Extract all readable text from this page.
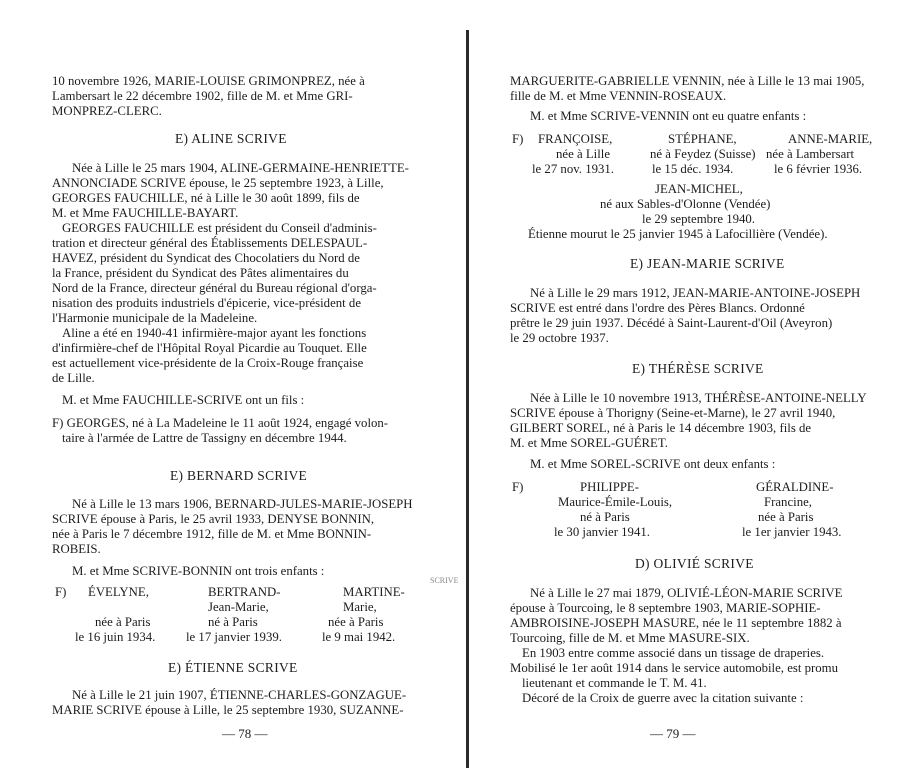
10 novembre 1926, MARIE-LOUISE GRIMONPREZ, née à
Lambersart le 22 décembre 1902, fille de M. et Mme GRI-
MONPREZ-CLERC.
E) ALINE SCRIVE
Née à Lille le 25 mars 1904, ALINE-GERMAINE-HENRIETTE-
ANNONCIADE SCRIVE épouse, le 25 septembre 1923, à Lille,
GEORGES FAUCHILLE, né à Lille le 30 août 1899, fils de
M. et Mme FAUCHILLE-BAYART.
GEORGES FAUCHILLE est président du Conseil d'adminis-
tration et directeur général des Établissements DELESPAUL-
HAVEZ, président du Syndicat des Chocolatiers du Nord de
la France, président du Syndicat des Pâtes alimentaires du
Nord de la France, directeur général du Bureau régional d'orga-
nisation des produits industriels d'épicerie, vice-président de
l'Harmonie municipale de la Madeleine.
Aline a été en 1940-41 infirmière-major ayant les fonctions
d'infirmière-chef de l'Hôpital Royal Picardie au Touquet. Elle
est actuellement vice-présidente de la Croix-Rouge française
de Lille.
M. et Mme FAUCHILLE-SCRIVE ont un fils :
F) GEORGES, né à La Madeleine le 11 août 1924, engagé volon-
taire à l'armée de Lattre de Tassigny en décembre 1944.
E) BERNARD SCRIVE
Né à Lille le 13 mars 1906, BERNARD-JULES-MARIE-JOSEPH
SCRIVE épouse à Paris, le 25 avril 1933, DENYSE BONNIN,
née à Paris le 7 décembre 1912, fille de M. et Mme BONNIN-
ROBEIS.
M. et Mme SCRIVE-BONNIN ont trois enfants :
F) ÉVELYNE,
née à Paris
le 16 juin 1934.
BERTRAND-
Jean-Marie,
né à Paris
le 17 janvier 1939.
MARTINE-
Marie,
née à Paris
le 9 mai 1942.
E) ÉTIENNE SCRIVE
Né à Lille le 21 juin 1907, ÉTIENNE-CHARLES-GONZAGUE-
MARIE SCRIVE épouse à Lille, le 25 septembre 1930, SUZANNE-
— 78 —
SCRIVE
MARGUERITE-GABRIELLE VENNIN, née à Lille le 13 mai 1905,
fille de M. et Mme VENNIN-ROSEAUX.
M. et Mme SCRIVE-VENNIN ont eu quatre enfants :
F) FRANÇOISE,
née à Lille
le 27 nov. 1931.
STÉPHANE,
né à Feydez (Suisse)
le 15 déc. 1934.
ANNE-MARIE,
née à Lambersart
le 6 février 1936.
JEAN-MICHEL,
né aux Sables-d'Olonne (Vendée)
le 29 septembre 1940.
Étienne mourut le 25 janvier 1945 à Lafocillière (Vendée).
E) JEAN-MARIE SCRIVE
Né à Lille le 29 mars 1912, JEAN-MARIE-ANTOINE-JOSEPH
SCRIVE est entré dans l'ordre des Pères Blancs. Ordonné
prêtre le 29 juin 1937. Décédé à Saint-Laurent-d'Oil (Aveyron)
le 29 octobre 1937.
E) THÉRÈSE SCRIVE
Née à Lille le 10 novembre 1913, THÉRÈSE-ANTOINE-NELLY
SCRIVE épouse à Thorigny (Seine-et-Marne), le 27 avril 1940,
GILBERT SOREL, né à Paris le 14 décembre 1903, fils de
M. et Mme SOREL-GUÉRET.
M. et Mme SOREL-SCRIVE ont deux enfants :
F)	PHILIPPE-
Maurice-Émile-Louis,
né à Paris
le 30 janvier 1941.
GÉRALDINE-
Francine,
née à Paris
le 1er janvier 1943.
D) OLIVIÉ SCRIVE
Né à Lille le 27 mai 1879, OLIVIÉ-LÉON-MARIE SCRIVE
épouse à Tourcoing, le 8 septembre 1903, MARIE-SOPHIE-
AMBROISINE-JOSEPH MASURE, née le 11 septembre 1882 à
Tourcoing, fille de M. et Mme MASURE-SIX.
En 1903 entre comme associé dans un tissage de draperies.
Mobilisé le 1er août 1914 dans le service automobile, est promu
lieutenant et commande le T. M. 41.
Décoré de la Croix de guerre avec la citation suivante :
— 79 —
